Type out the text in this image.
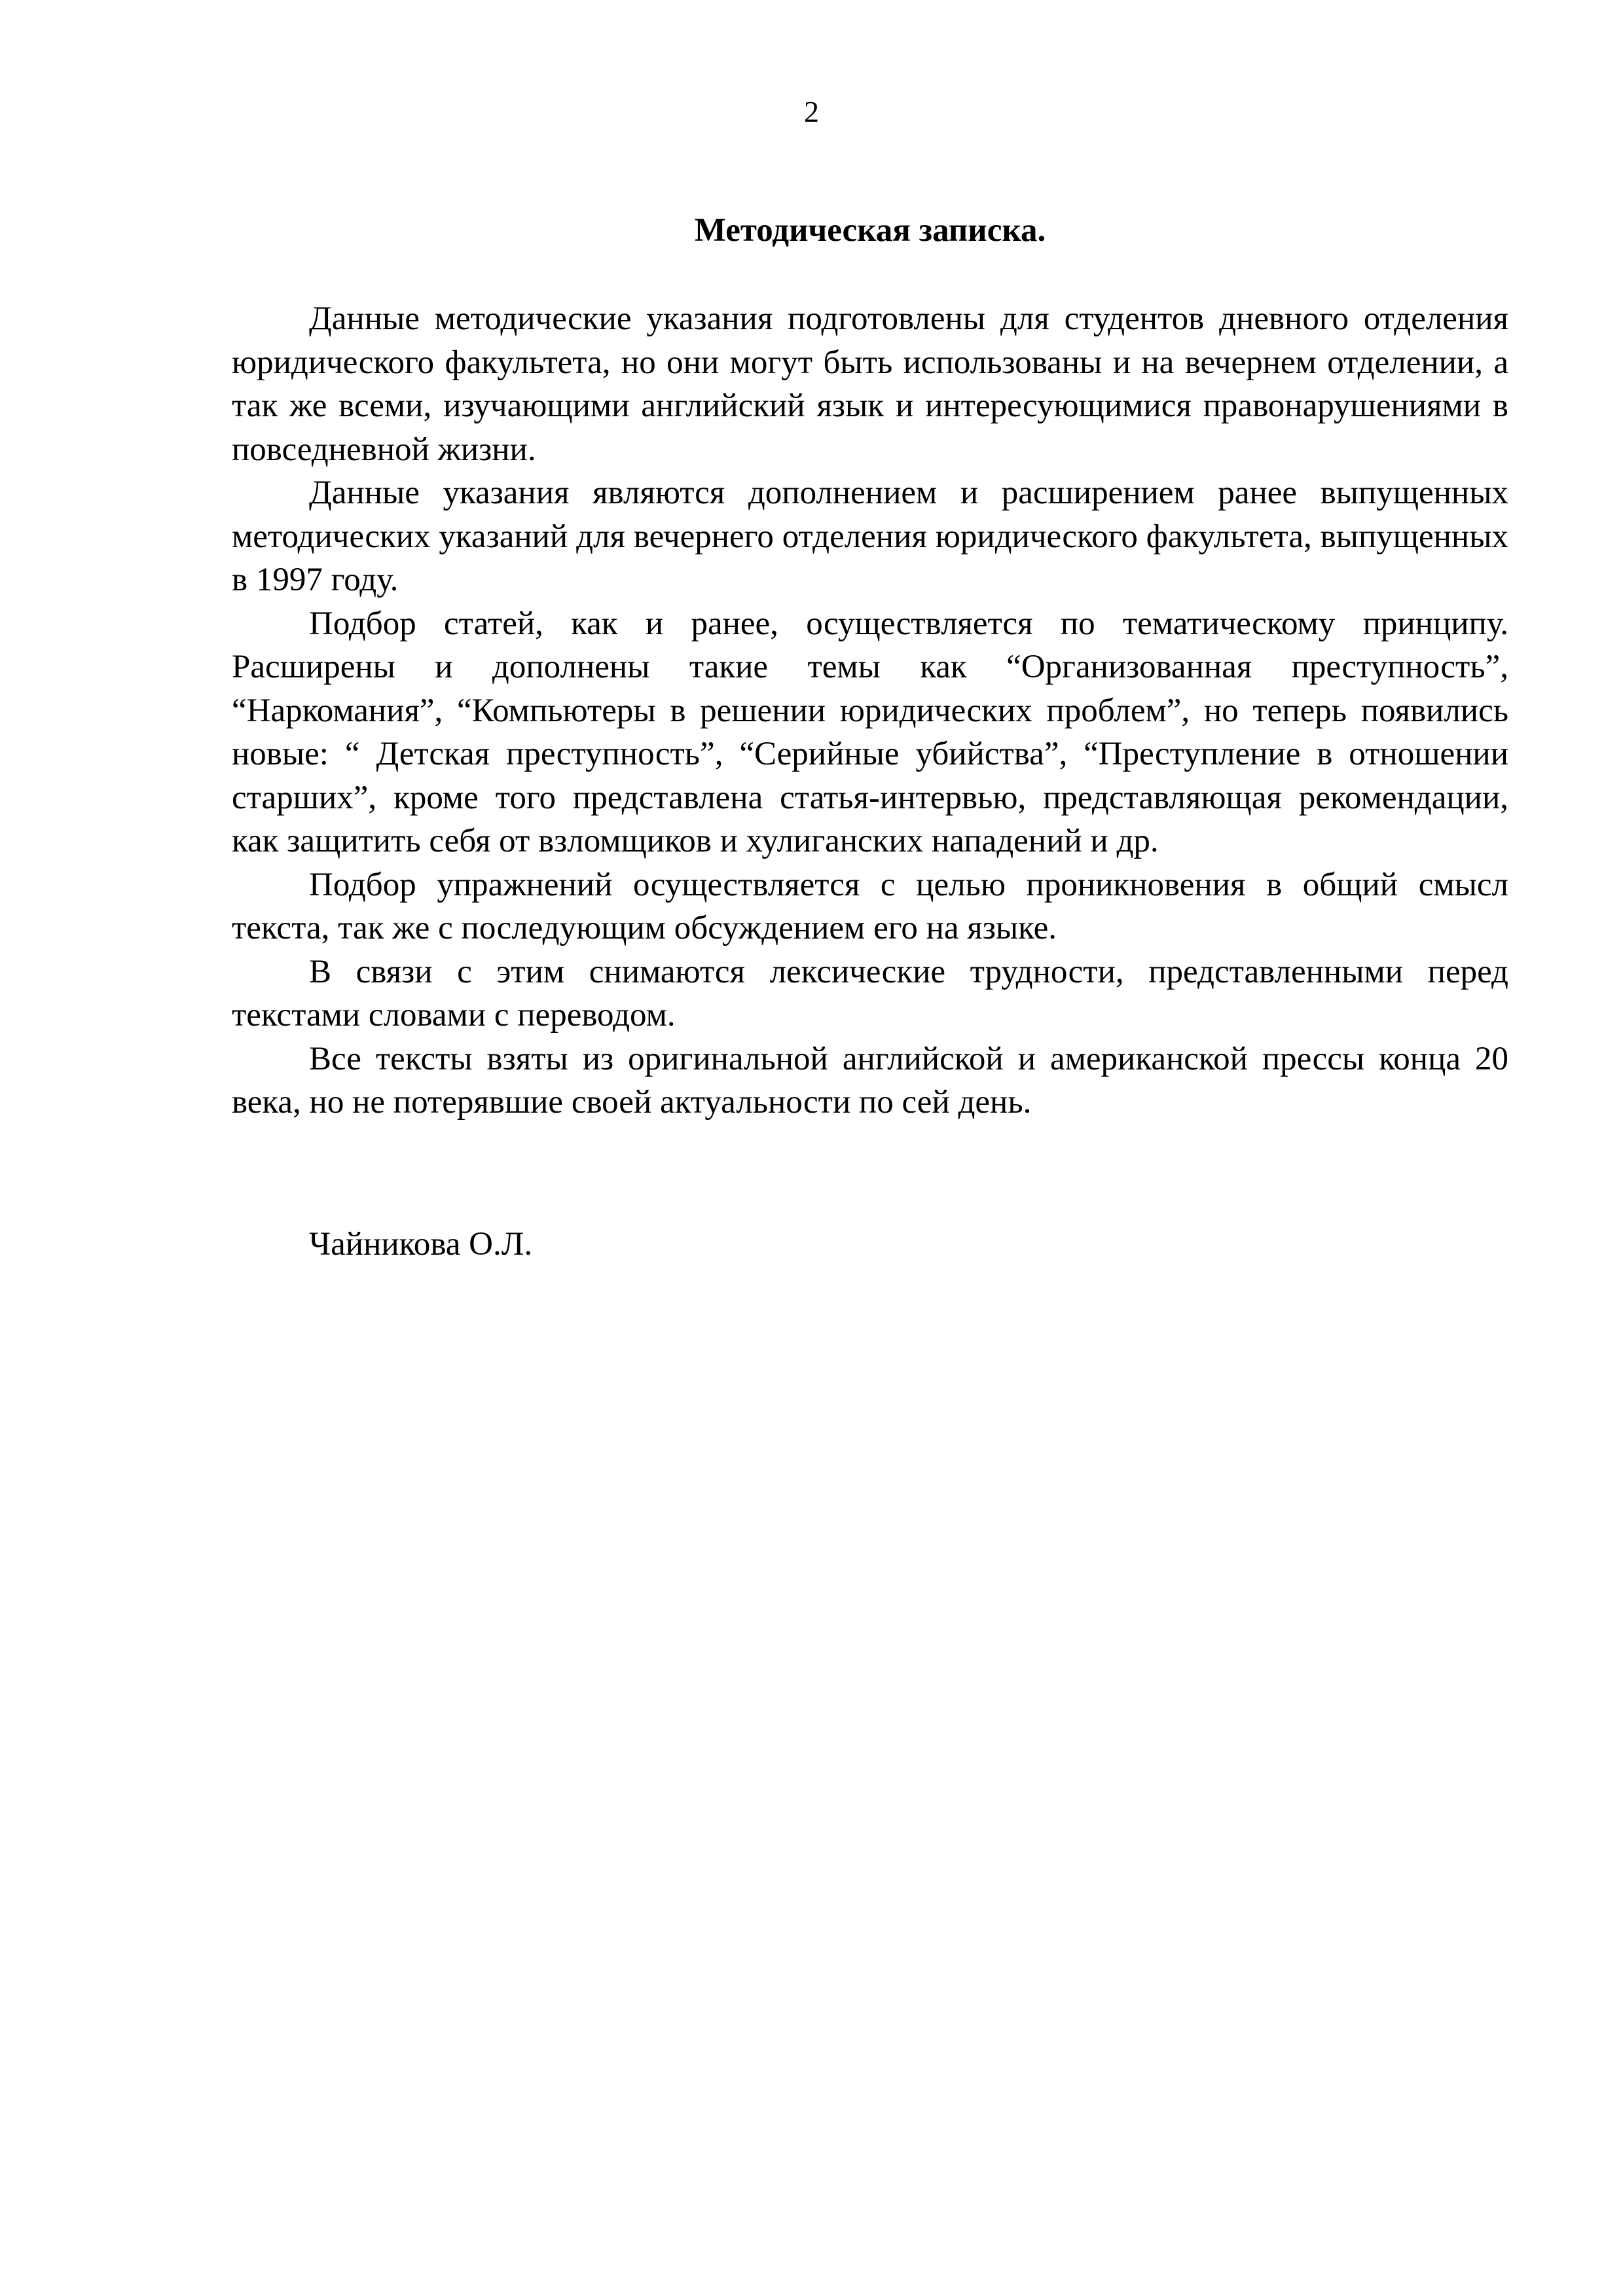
2
Методическая записка.

Данные методические указания подготовлены для студентов дневного отделения юридического факультета, но они могут быть использованы и на вечернем отделении, а так же всеми, изучающими английский язык и интересующимися правонарушениями в повседневной жизни.

Данные указания являются дополнением и расширением ранее выпущенных методических указаний для вечернего отделения юридического факультета, выпущенных в 1997 году.

Подбор статей, как и ранее, осуществляется по тематическому принципу. Расширены и дополнены такие темы как “Организованная преступность”, “Наркомания”, “Компьютеры в решении юридических проблем”, но теперь появились новые: “ Детская преступность”, “Серийные убийства”, “Преступление в отношении старших”, кроме того представлена статья-интервью, представляющая рекомендации, как защитить себя от взломщиков и хулиганских нападений и др.

Подбор упражнений осуществляется с целью проникновения в общий смысл текста, так же с последующим обсуждением его на языке.

В связи с этим снимаются лексические трудности, представленными перед текстами словами с переводом.

Все тексты взяты из оригинальной английской и американской прессы конца 20 века, но не потерявшие своей актуальности по сей день.

Чайникова О.Л.
